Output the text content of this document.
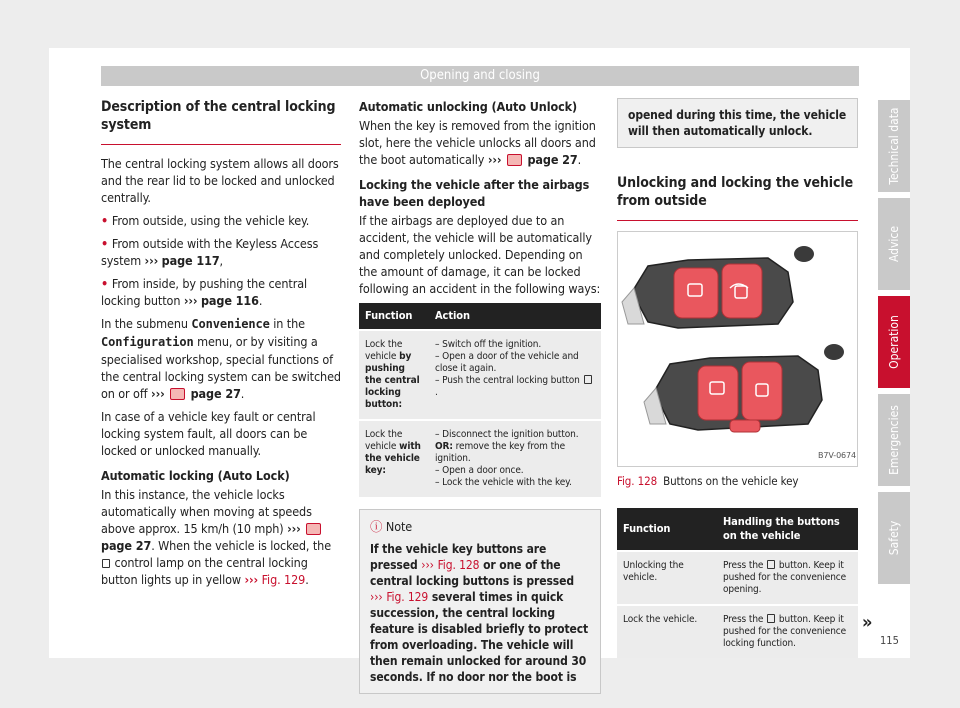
Opening and closing
Description of the central locking system

The central locking system allows all doors and the rear lid to be locked and unlocked centrally.

• From outside, using the vehicle key.

• From outside with the Keyless Access system ››› page 117,

• From inside, by pushing the central locking button ››› page 116.

In the submenu Convenience in the Configuration menu, or by visiting a specialised workshop, special functions of the central locking system can be switched on or off ››› page 27.

In case of a vehicle key fault or central locking system fault, all doors can be locked or unlocked manually.

Automatic locking (Auto Lock)

In this instance, the vehicle locks automatically when moving at speeds above approx. 15 km/h (10 mph) ›››  page 27. When the vehicle is locked, the  control lamp on the central locking button lights up in yellow ››› Fig. 129.

Automatic unlocking (Auto Unlock)

When the key is removed from the ignition slot, here the vehicle unlocks all doors and the boot automatically ››› page 27.

Locking the vehicle after the airbags have been deployed

If the airbags are deployed due to an accident, the vehicle will be automatically and completely unlocked. Depending on the amount of damage, it can be locked following an accident in the following ways:

Function	Action
Lock the vehicle by pushing the central locking button:	– Switch off the ignition.
– Open a door of the vehicle and close it again.
– Push the central locking button .

Lock the vehicle with the vehicle key:	– Disconnect the ignition button.
OR: remove the key from the ignition.
– Open a door once.
– Lock the vehicle with the key.
ⓘ Note
If the vehicle key buttons are pressed ››› Fig. 128 or one of the central locking buttons is pressed ››› Fig. 129 several times in quick succession, the central locking feature is disabled briefly to protect from overloading. The vehicle will then remain unlocked for around 30 seconds. If no door nor the boot is
opened during this time, the vehicle will then automatically unlock.
Unlocking and locking the vehicle from outside
B7V-0674
Fig. 128 Buttons on the vehicle key
Function	Handling the buttons on the vehicle
Unlocking the vehicle.	Press the button. Keep it pushed for the convenience opening.
Lock the vehicle.	Press the button. Keep it pushed for the convenience locking function.
»
Technical data
Advice
Operation
Emergencies
Safety
115
